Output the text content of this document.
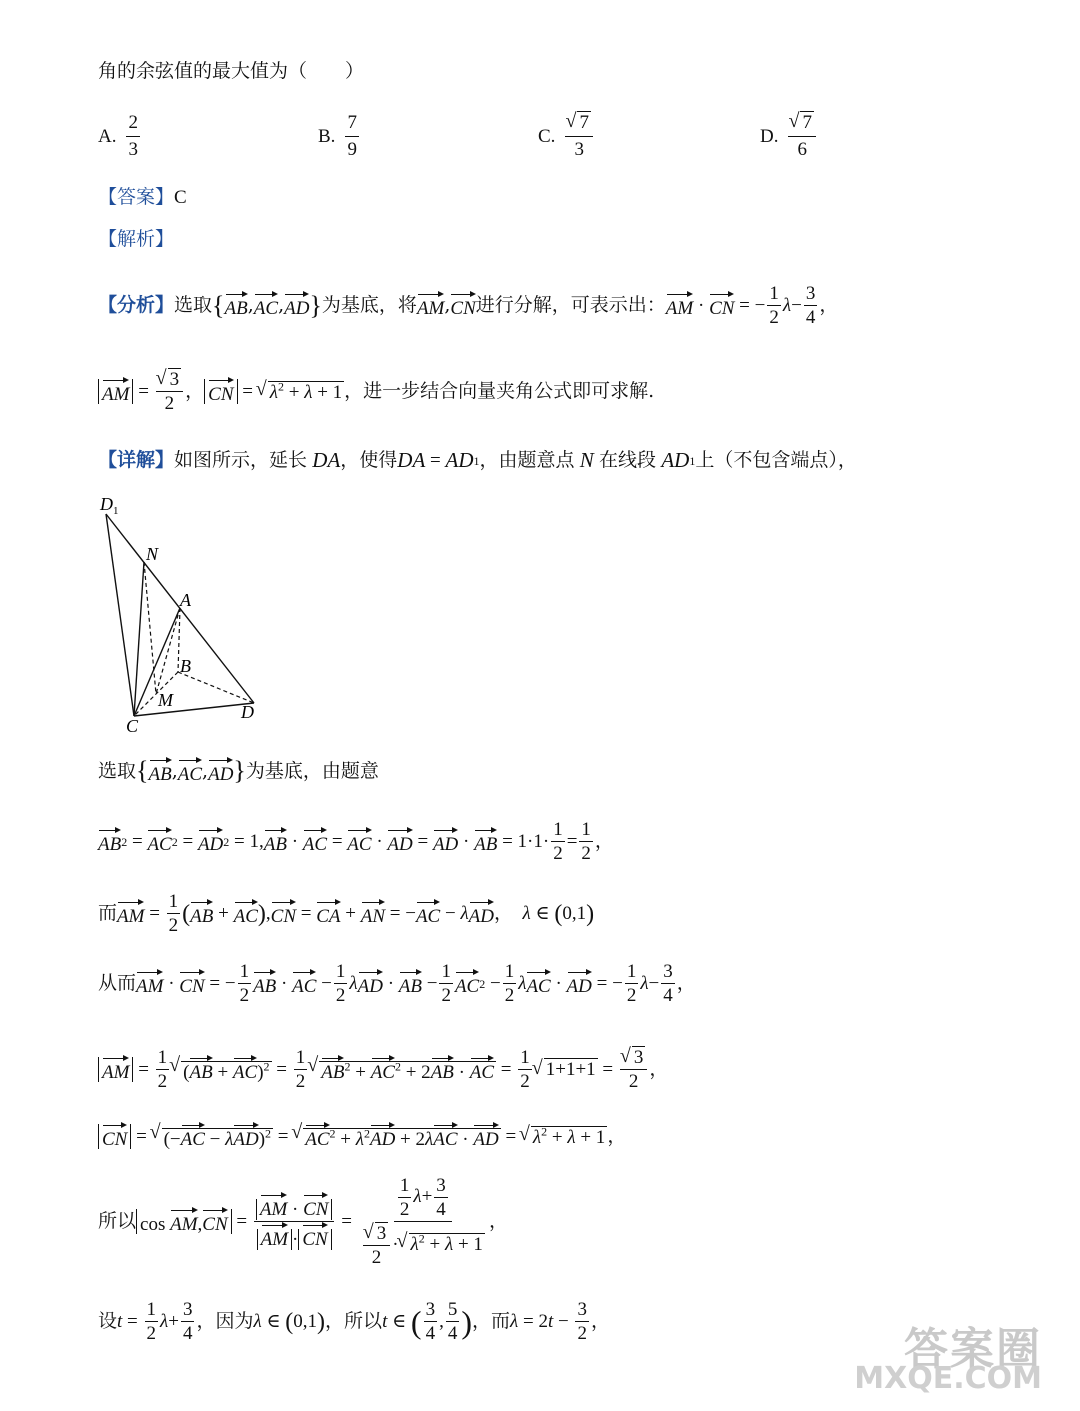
角的余弦值的最大值为（　　）
A. $\frac{2}{3}$	B. $\frac{7}{9}$	C. √ $\frac{7}{3}$	D. √ $\frac{7}{6}$
【答案】C
【解析】
【分析】 选取 { AB , AC , AD } 为基底，将 AM , CN 进行分解，可表示出： AM · CN = − $\frac{1}{2}$ $\lambda - \frac{3}{4}$ ，
AM = √ $\frac{3}{2}$ ， CN = √ $\lambda^2 + \lambda + 1$ ，进一步结合向量夹角公式即可求解.
【详解】 如图所示，延长 DA ，使得 DA = AD 1 ，由题意点 N 在线段 AD 1 上（不包含端点），
$D_1$
N
A
B
M
C
D
选取 { AB , AC , AD } 为基底，由题意
AB 2 = AC 2 = AD 2 = 1, AB · AC = AC · AD = AD · AB = $1\cdot 1\cdot \frac{1}{2} = \frac{1}{2}$ ，
而 AM = $\frac{1}{2}$ ( AB + AC ) , CN = CA + AN = − AC − λ AD ， λ ∈ ( 0,1 )
从而 AM · CN = − $\frac{1}{2}$ AB · AC − $\frac{1}{2}$ λ AD · AB − $\frac{1}{2}$ AC $2 - \frac{1}{2}$ λ AC · AD = − $\frac{1}{2}$ $\lambda - \frac{3}{4}$ ，
AM = $\frac{1}{2}$ √ $(AB + AC)^2 = \frac{1}{2}$ √ $AB^2 + AC^2 + 2AB$ · AC = $\frac{1}{2}$ √ 1+1+1 = √ $\frac{3}{2}$ ，
CN = √ $(-AC - \lambda AD)^2$ = √ $AC^2 + \lambda^2AD + 2\lambda AC$ · AD = √ $\lambda^2 + \lambda + 1$ ，
所以 $\cos AM,CN = \frac{AM \cdot CN}{AM \cdot CN} = \frac{1}{2} \lambda+ \frac{3}{4}$
√ $\frac{3}{2}$ · √ $\lambda^2 + \lambda + 1$ ，
设 $t = \frac{1}{2}$ $\lambda + \frac{3}{4}$ ，因为 λ ∈ ( 0,1 ) ，所以 t ∈ ( $\frac{3}{4}$ , $\frac{5}{4}$ ) ，而 λ = 2 $t - \frac{3}{2}$ ，
答案圈
MXQE.COM
